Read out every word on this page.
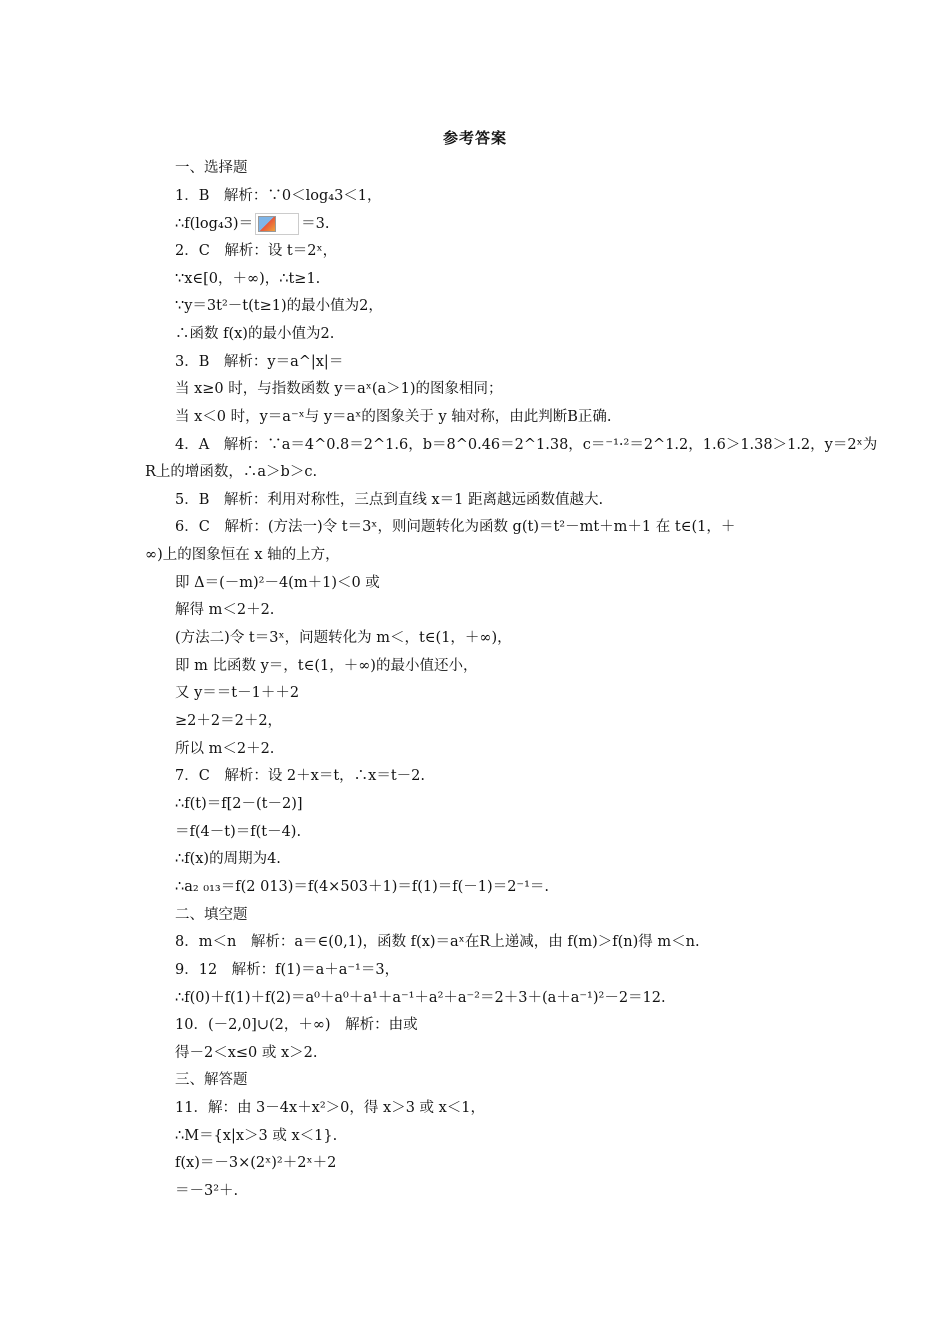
参考答案
一、选择题
1．B　解析：∵0＜log₄3＜1，
∴f(log₄3)＝	＝3.
2．C　解析：设 t＝2ˣ，
∵x∈[0，＋∞)，∴t≥1.
∵y＝3t²－t(t≥1)的最小值为2，
∴函数 f(x)的最小值为2.
3．B　解析：y＝a^|x|＝
当 x≥0 时，与指数函数 y＝aˣ(a＞1)的图象相同；
当 x＜0 时，y＝a⁻ˣ与 y＝aˣ的图象关于 y 轴对称，由此判断B正确.
4．A　解析：∵a＝4^0.8＝2^1.6，b＝8^0.46＝2^1.38，c＝⁻¹·²＝2^1.2，1.6＞1.38＞1.2，y＝2ˣ为
R上的增函数，∴a＞b＞c.
5．B　解析：利用对称性，三点到直线 x＝1 距离越远函数值越大.
6．C　解析：(方法一)令 t＝3ˣ，则问题转化为函数 g(t)＝t²－mt＋m＋1 在 t∈(1，＋
∞)上的图象恒在 x 轴的上方，
即 Δ＝(－m)²－4(m＋1)＜0 或
解得 m＜2＋2.
(方法二)令 t＝3ˣ，问题转化为 m＜，t∈(1，＋∞)，
即 m 比函数 y＝，t∈(1，＋∞)的最小值还小，
又 y＝＝t－1＋＋2
≥2＋2＝2＋2，
所以 m＜2＋2.
7．C　解析：设 2＋x＝t，∴x＝t－2.
∴f(t)＝f[2－(t－2)]
＝f(4－t)＝f(t－4).
∴f(x)的周期为4.
∴a₂ ₀₁₃＝f(2 013)＝f(4×503＋1)＝f(1)＝f(－1)＝2⁻¹＝.
二、填空题
8．m＜n　解析：a＝∈(0,1)，函数 f(x)＝aˣ在R上递减，由 f(m)＞f(n)得 m＜n.
9．12　解析：f(1)＝a＋a⁻¹＝3，
∴f(0)＋f(1)＋f(2)＝a⁰＋a⁰＋a¹＋a⁻¹＋a²＋a⁻²＝2＋3＋(a＋a⁻¹)²－2＝12.
10．(－2,0]∪(2，＋∞)　解析：由或
得－2＜x≤0 或 x＞2.
三、解答题
11．解：由 3－4x＋x²＞0，得 x＞3 或 x＜1，
∴M＝{x|x＞3 或 x＜1}.
f(x)＝－3×(2ˣ)²＋2ˣ＋2
＝－3²＋.
